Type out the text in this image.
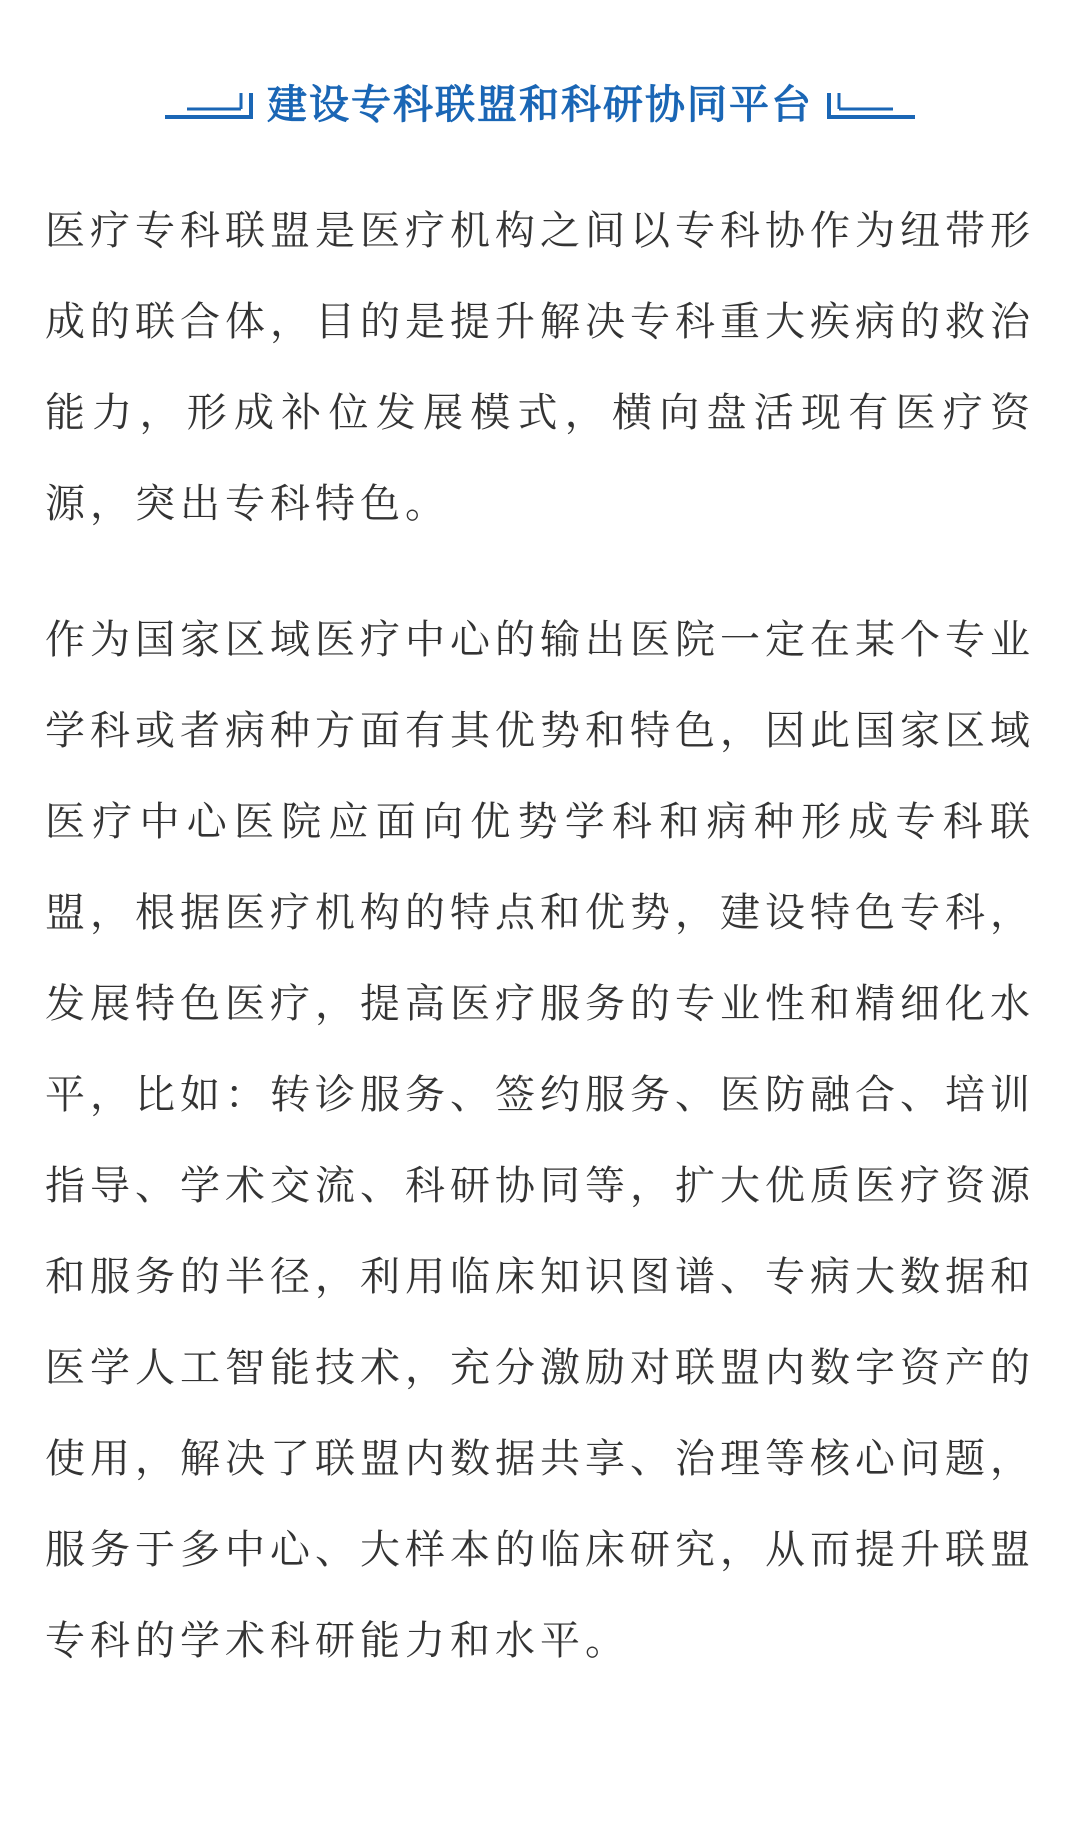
建设专科联盟和科研协同平台

医疗专科联盟是医疗机构之间以专科协作为纽带形成的联合体，目的是提升解决专科重大疾病的救治能力，形成补位发展模式，横向盘活现有医疗资源，突出专科特色。

作为国家区域医疗中心的输出医院一定在某个专业学科或者病种方面有其优势和特色，因此国家区域医疗中心医院应面向优势学科和病种形成专科联盟，根据医疗机构的特点和优势，建设特色专科，发展特色医疗，提高医疗服务的专业性和精细化水平，比如：转诊服务、签约服务、医防融合、培训指导、学术交流、科研协同等，扩大优质医疗资源和服务的半径，利用临床知识图谱、专病大数据和医学人工智能技术，充分激励对联盟内数字资产的使用，解决了联盟内数据共享、治理等核心问题，服务于多中心、大样本的临床研究，从而提升联盟专科的学术科研能力和水平。
